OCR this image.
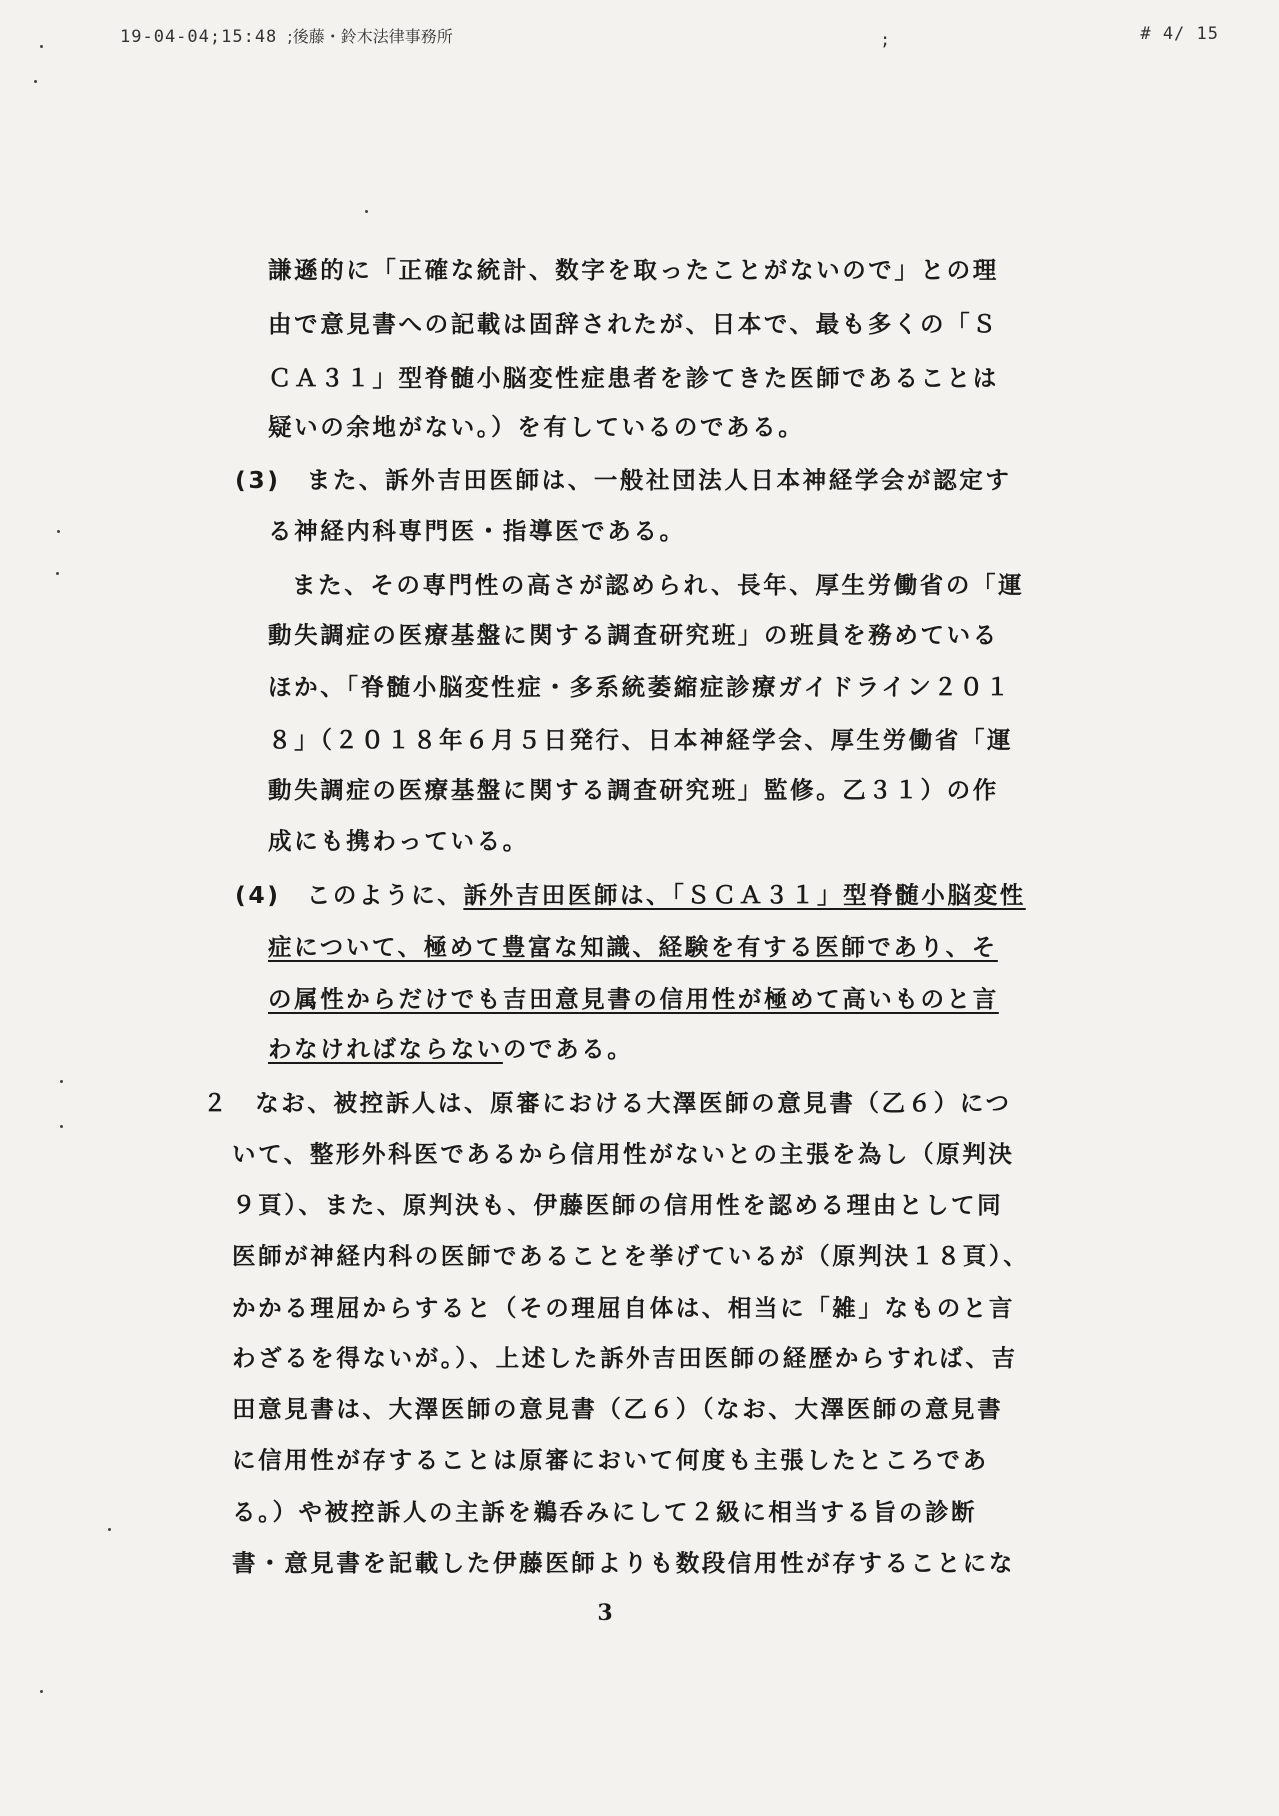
19-04-04;15:48 ;後藤・鈴木法律事務所	;	# 4/ 15
謙遜的に「正確な統計、数字を取ったことがないので」との理
由で意見書への記載は固辞されたが、日本で、最も多くの「Ｓ
ＣＡ３１」型脊髄小脳変性症患者を診てきた医師であることは
疑いの余地がない。）を有しているのである。
(3)　また、訴外吉田医師は、一般社団法人日本神経学会が認定す
る神経内科専門医・指導医である。
また、その専門性の高さが認められ、長年、厚生労働省の「運
動失調症の医療基盤に関する調査研究班」の班員を務めている
ほか、「脊髄小脳変性症・多系統萎縮症診療ガイドライン２０１
８」（２０１８年６月５日発行、日本神経学会、厚生労働省「運
動失調症の医療基盤に関する調査研究班」監修。乙３１）の作
成にも携わっている。
(4)　このように、訴外吉田医師は、「ＳＣＡ３１」型脊髄小脳変性
症について、極めて豊富な知識、経験を有する医師であり、そ
の属性からだけでも吉田意見書の信用性が極めて高いものと言
わなければならないのである。
２　なお、被控訴人は、原審における大澤医師の意見書（乙６）につ
いて、整形外科医であるから信用性がないとの主張を為し（原判決
９頁）、また、原判決も、伊藤医師の信用性を認める理由として同
医師が神経内科の医師であることを挙げているが（原判決１８頁）、
かかる理屈からすると（その理屈自体は、相当に「雑」なものと言
わざるを得ないが。）、上述した訴外吉田医師の経歴からすれば、吉
田意見書は、大澤医師の意見書（乙６）（なお、大澤医師の意見書
に信用性が存することは原審において何度も主張したところであ
る。）や被控訴人の主訴を鵜呑みにして２級に相当する旨の診断
書・意見書を記載した伊藤医師よりも数段信用性が存することにな
3
